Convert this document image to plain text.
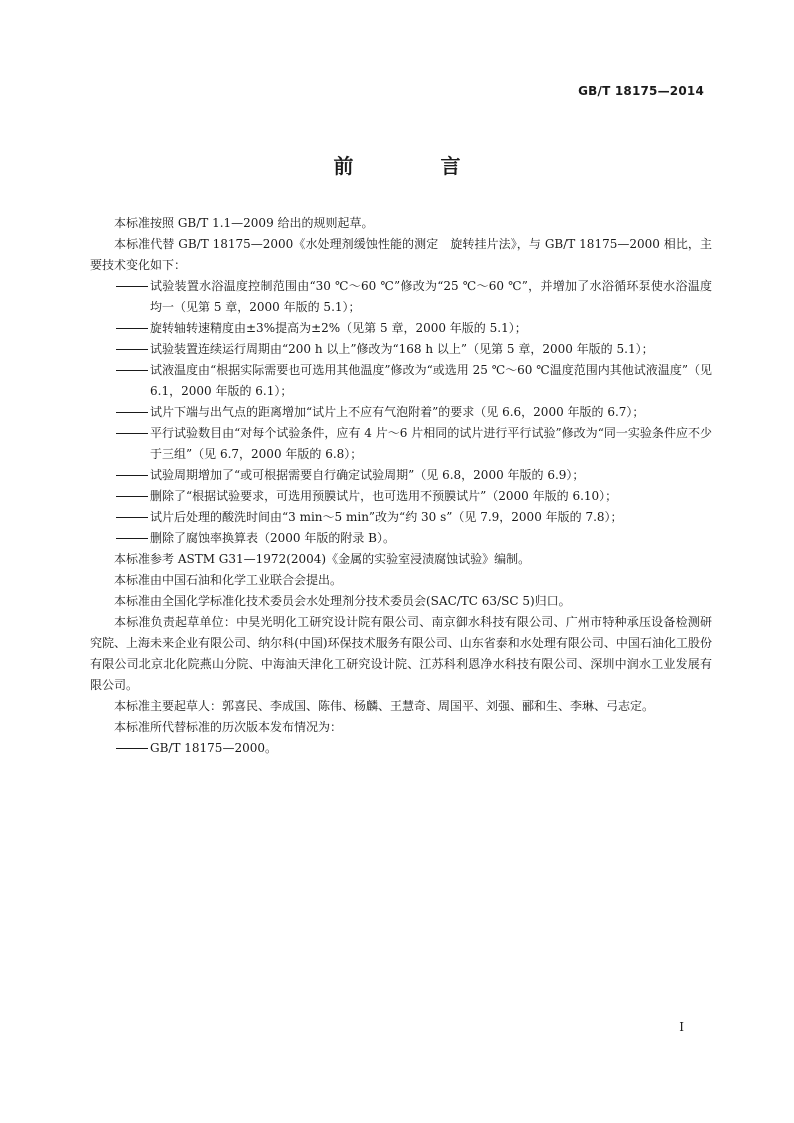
GB/T 18175—2014
前 言

本标准按照 GB/T 1.1—2009 给出的规则起草。

本标准代替 GB/T 18175—2000《水处理剂缓蚀性能的测定　旋转挂片法》，与 GB/T 18175—2000 相比，主要技术变化如下：

试验装置水浴温度控制范围由“30 ℃～60 ℃”修改为“25 ℃～60 ℃”，并增加了水浴循环泵使水浴温度均一（见第 5 章，2000 年版的 5.1）；

旋转轴转速精度由±3%提高为±2%（见第 5 章，2000 年版的 5.1）；

试验装置连续运行周期由“200 h 以上”修改为“168 h 以上”（见第 5 章，2000 年版的 5.1）；

试液温度由“根据实际需要也可选用其他温度”修改为“或选用 25 ℃～60 ℃温度范围内其他试液温度”（见 6.1，2000 年版的 6.1）；

试片下端与出气点的距离增加“试片上不应有气泡附着”的要求（见 6.6，2000 年版的 6.7）；

平行试验数目由“对每个试验条件，应有 4 片～6 片相同的试片进行平行试验”修改为“同一实验条件应不少于三组”（见 6.7，2000 年版的 6.8）；

试验周期增加了“或可根据需要自行确定试验周期”（见 6.8，2000 年版的 6.9）；

删除了“根据试验要求，可选用预膜试片，也可选用不预膜试片”（2000 年版的 6.10）；

试片后处理的酸洗时间由“3 min～5 min”改为“约 30 s”（见 7.9，2000 年版的 7.8）；

删除了腐蚀率换算表（2000 年版的附录 B）。

本标准参考 ASTM G31—1972(2004)《金属的实验室浸渍腐蚀试验》编制。

本标准由中国石油和化学工业联合会提出。

本标准由全国化学标准化技术委员会水处理剂分技术委员会(SAC/TC 63/SC 5)归口。

本标准负责起草单位：中昊光明化工研究设计院有限公司、南京御水科技有限公司、广州市特种承压设备检测研究院、上海未来企业有限公司、纳尔科(中国)环保技术服务有限公司、山东省泰和水处理有限公司、中国石油化工股份有限公司北京北化院燕山分院、中海油天津化工研究设计院、江苏科利恩净水科技有限公司、深圳中润水工业发展有限公司。

本标准主要起草人：郭喜民、李成国、陈伟、杨麟、王慧奇、周国平、刘强、郦和生、李琳、弓志定。

本标准所代替标准的历次版本发布情况为：

GB/T 18175—2000。

I
